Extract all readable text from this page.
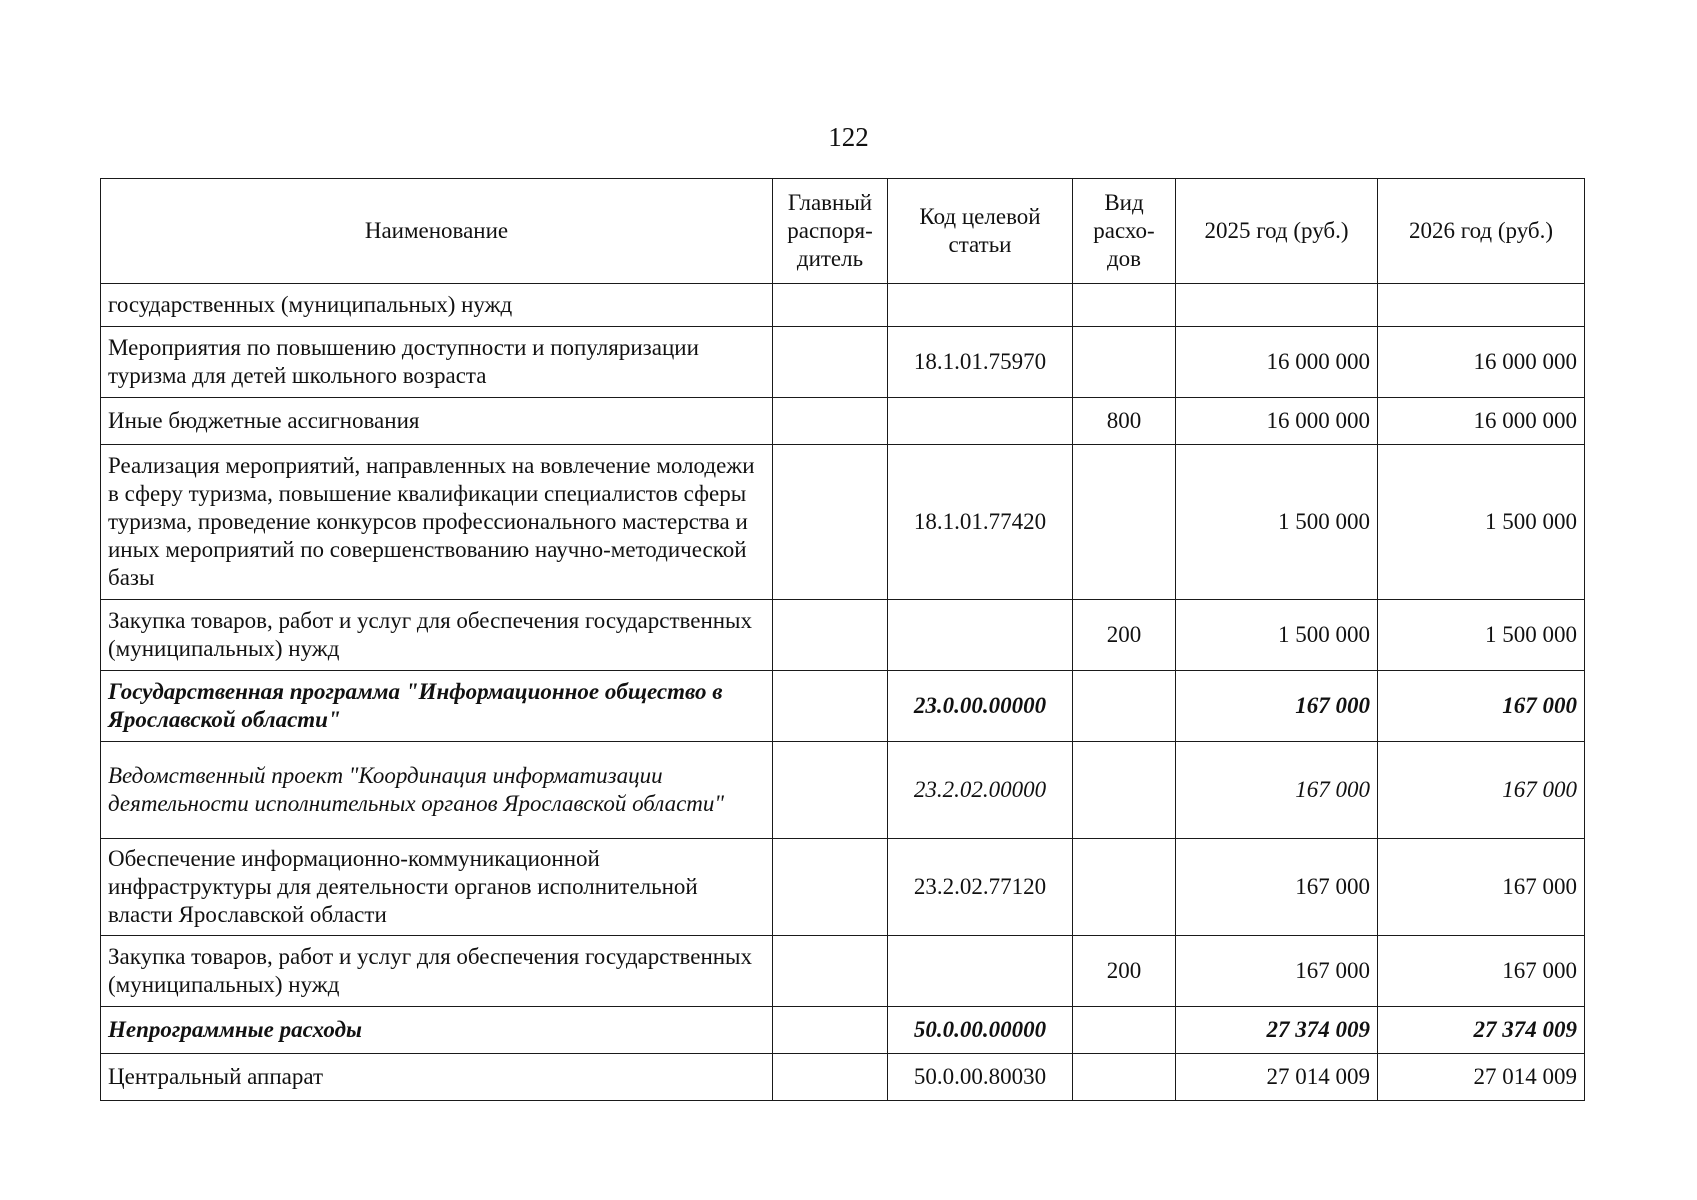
122
Наименование	Главный распоря-дитель	Код целевой статьи	Вид расхо-дов	2025 год (руб.)	2026 год (руб.)
государственных (муниципальных) нужд					
Мероприятия по повышению доступности и популяризации туризма для детей школьного возраста		18.1.01.75970		16 000 000	16 000 000
Иные бюджетные ассигнования			800	16 000 000	16 000 000
Реализация мероприятий, направленных на вовлечение молодежи в сферу туризма, повышение квалификации специалистов сферы туризма, проведение конкурсов профессионального мастерства и иных мероприятий по совершенствованию научно-методической базы		18.1.01.77420		1 500 000	1 500 000
Закупка товаров, работ и услуг для обеспечения государственных (муниципальных) нужд			200	1 500 000	1 500 000
Государственная программа "Информационное общество в Ярославской области"		23.0.00.00000		167 000	167 000
Ведомственный проект "Координация информатизации деятельности исполнительных органов Ярославской области"		23.2.02.00000		167 000	167 000
Обеспечение информационно-коммуникационной инфраструктуры для деятельности органов исполнительной власти Ярославской области		23.2.02.77120		167 000	167 000
Закупка товаров, работ и услуг для обеспечения государственных (муниципальных) нужд			200	167 000	167 000
Непрограммные расходы		50.0.00.00000		27 374 009	27 374 009
Центральный аппарат		50.0.00.80030		27 014 009	27 014 009
